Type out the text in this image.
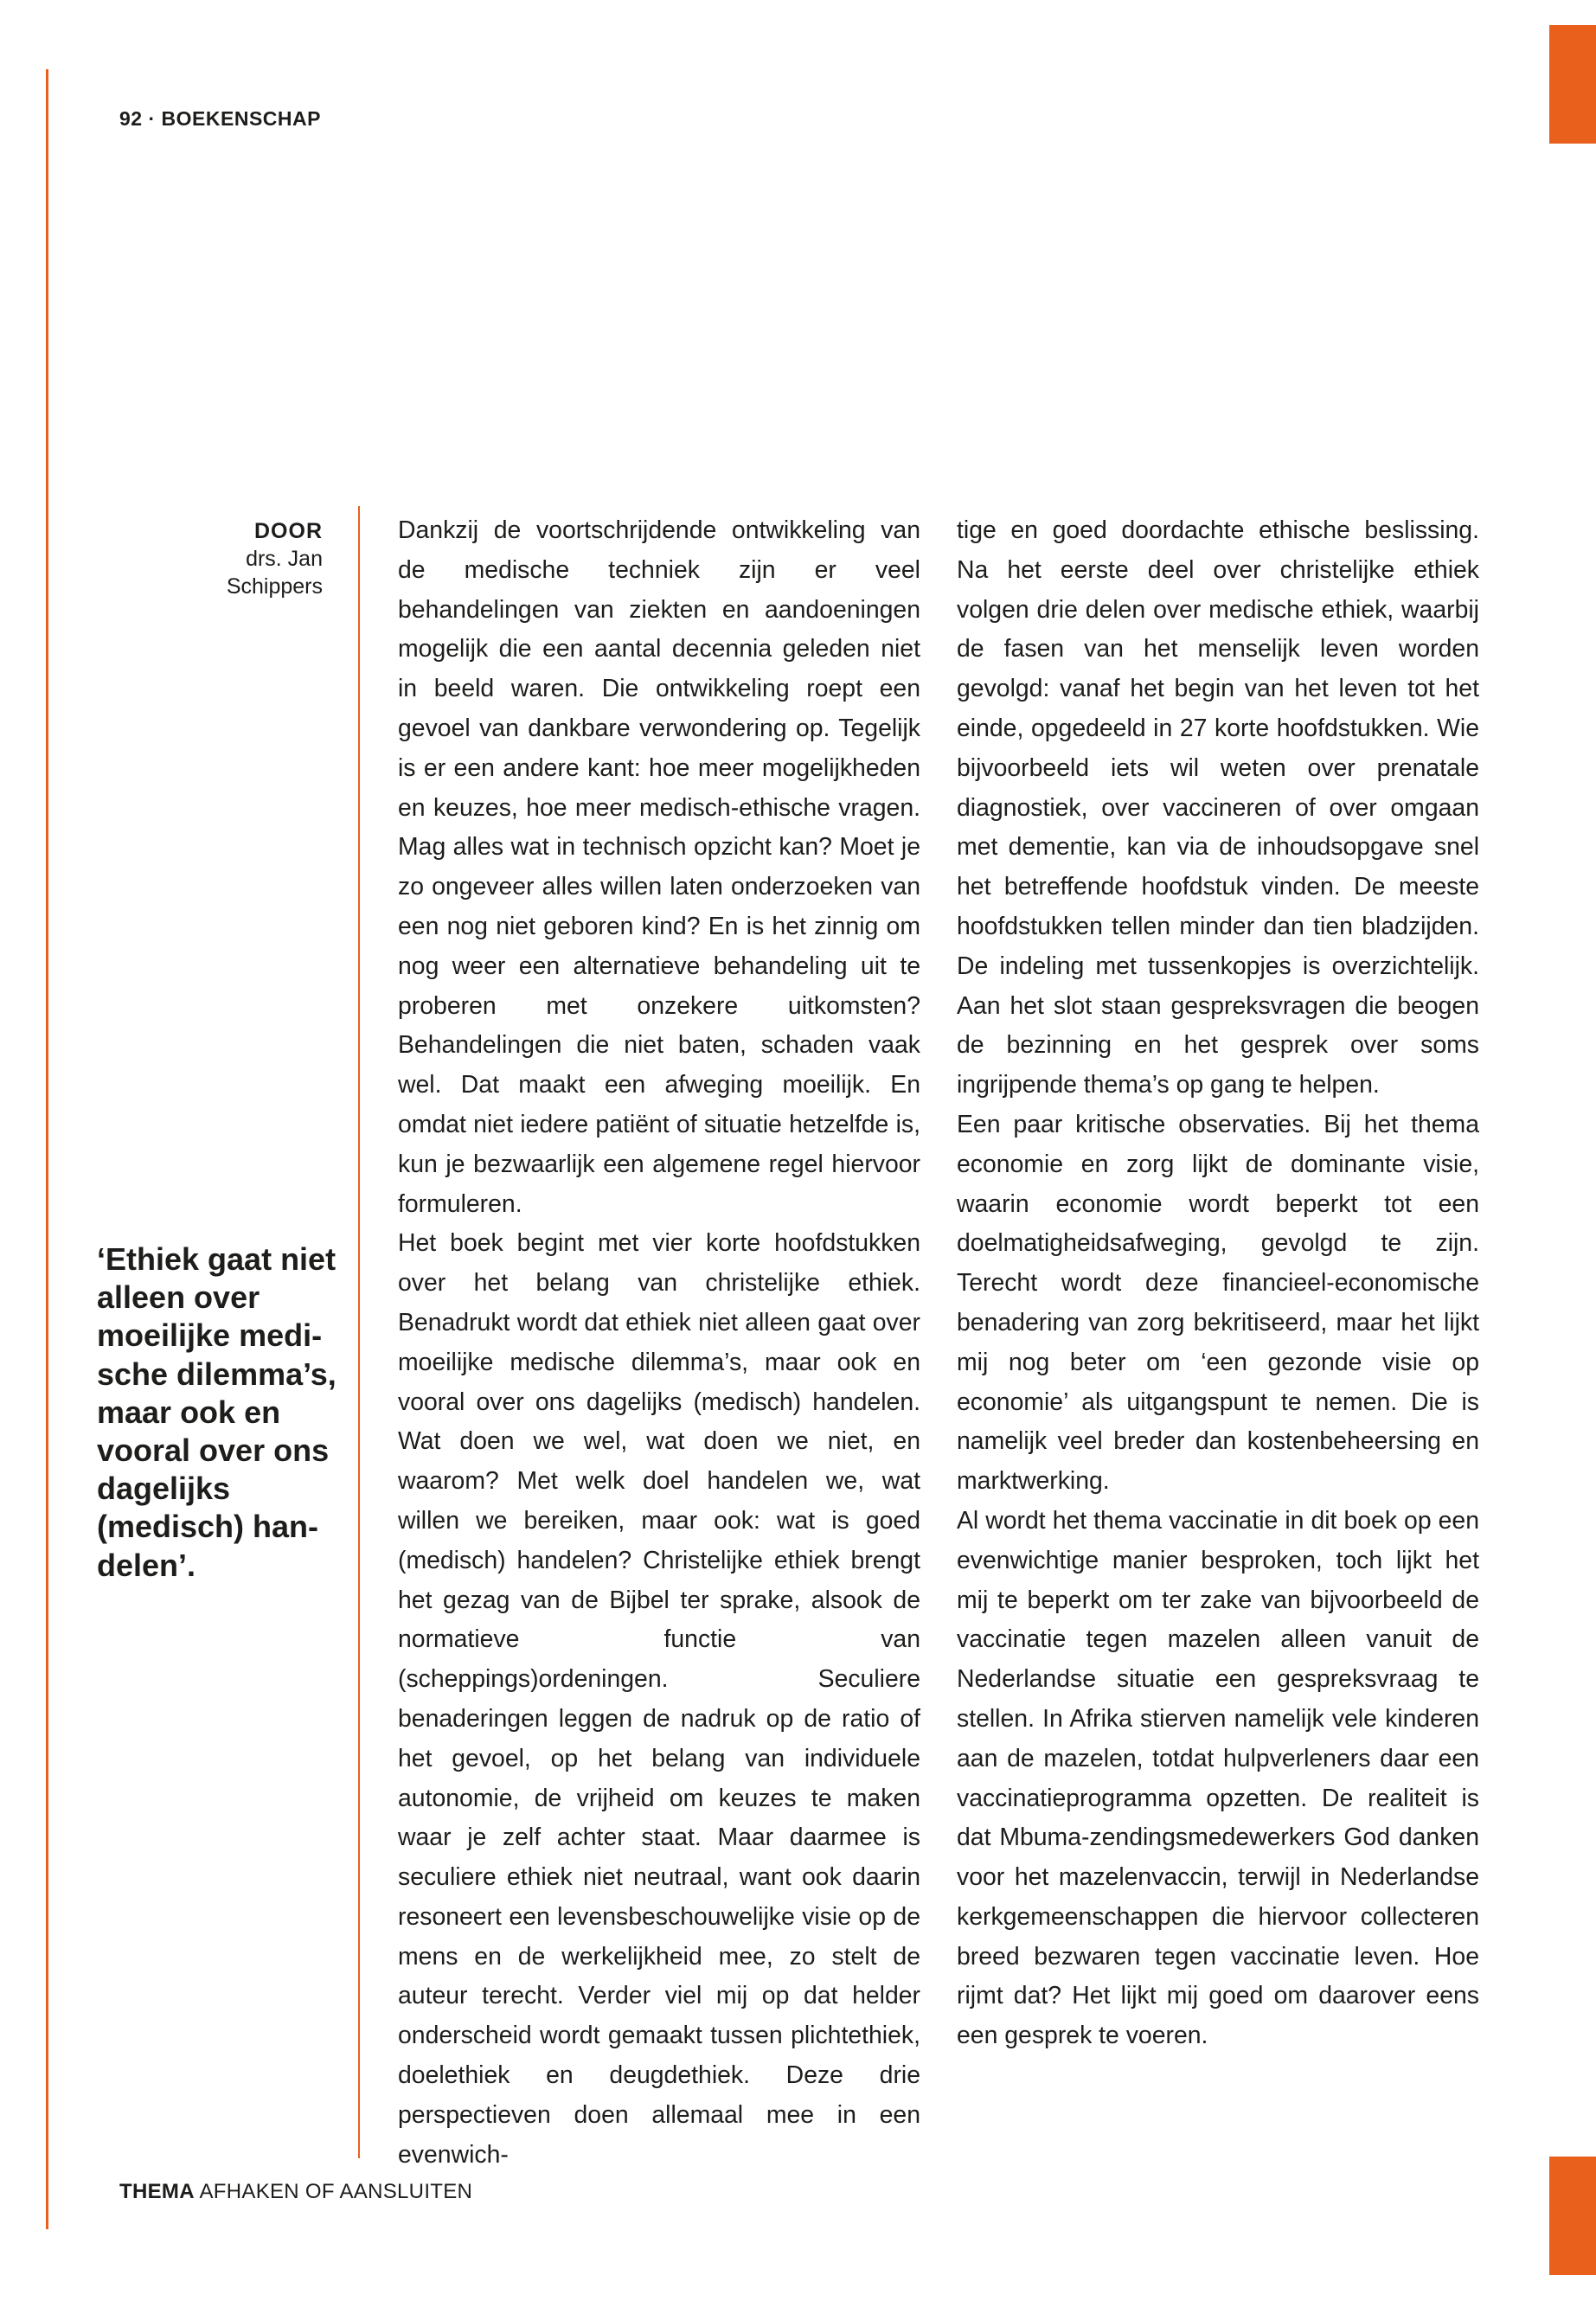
92 · BOEKENSCHAP
DOOR
drs. Jan
Schippers
‘Ethiek gaat niet alleen over moeilijke medi-sche dilemma’s, maar ook en vooral over ons dagelijks (medisch) han-delen’.

Dankzij de voortschrijdende ontwikkeling van de medische techniek zijn er veel behandelingen van ziekten en aandoeningen mogelijk die een aantal decennia geleden niet in beeld waren. Die ontwikkeling roept een gevoel van dankbare verwondering op. Tegelijk is er een andere kant: hoe meer mogelijkheden en keuzes, hoe meer medisch-ethische vragen. Mag alles wat in technisch opzicht kan? Moet je zo ongeveer alles willen laten onderzoeken van een nog niet geboren kind? En is het zinnig om nog weer een alternatieve behandeling uit te proberen met onzekere uitkomsten? Behandelingen die niet baten, schaden vaak wel. Dat maakt een afweging moeilijk. En omdat niet iedere patiënt of situatie hetzelfde is, kun je bezwaarlijk een algemene regel hiervoor formuleren.

Het boek begint met vier korte hoofdstukken over het belang van christelijke ethiek. Benadrukt wordt dat ethiek niet alleen gaat over moeilijke medische dilemma’s, maar ook en vooral over ons dagelijks (medisch) handelen. Wat doen we wel, wat doen we niet, en waarom? Met welk doel handelen we, wat willen we bereiken, maar ook: wat is goed (medisch) handelen? Christelijke ethiek brengt het gezag van de Bijbel ter sprake, alsook de normatieve functie van (scheppings)ordeningen. Seculiere benaderingen leggen de nadruk op de ratio of het gevoel, op het belang van individuele autonomie, de vrijheid om keuzes te maken waar je zelf achter staat. Maar daarmee is seculiere ethiek niet neutraal, want ook daarin resoneert een levensbeschouwelijke visie op de mens en de werkelijkheid mee, zo stelt de auteur terecht. Verder viel mij op dat helder onderscheid wordt gemaakt tussen plichtethiek, doelethiek en deugdethiek. Deze drie perspectieven doen allemaal mee in een evenwich-

tige en goed doordachte ethische beslissing. Na het eerste deel over christelijke ethiek volgen drie delen over medische ethiek, waarbij de fasen van het menselijk leven worden gevolgd: vanaf het begin van het leven tot het einde, opgedeeld in 27 korte hoofdstukken. Wie bijvoorbeeld iets wil weten over prenatale diagnostiek, over vaccineren of over omgaan met dementie, kan via de inhoudsopgave snel het betreffende hoofdstuk vinden. De meeste hoofdstukken tellen minder dan tien bladzijden. De indeling met tussenkopjes is overzichtelijk. Aan het slot staan gespreksvragen die beogen de bezinning en het gesprek over soms ingrijpende thema’s op gang te helpen.

Een paar kritische observaties. Bij het thema economie en zorg lijkt de dominante visie, waarin economie wordt beperkt tot een doelmatigheidsafweging, gevolgd te zijn. Terecht wordt deze financieel-economische benadering van zorg bekritiseerd, maar het lijkt mij nog beter om ‘een gezonde visie op economie’ als uitgangspunt te nemen. Die is namelijk veel breder dan kostenbeheersing en marktwerking.

Al wordt het thema vaccinatie in dit boek op een evenwichtige manier besproken, toch lijkt het mij te beperkt om ter zake van bijvoorbeeld de vaccinatie tegen mazelen alleen vanuit de Nederlandse situatie een gespreksvraag te stellen. In Afrika stierven namelijk vele kinderen aan de mazelen, totdat hulpverleners daar een vaccinatieprogramma opzetten. De realiteit is dat Mbuma-zendingsmedewerkers God danken voor het mazelenvaccin, terwijl in Nederlandse kerkgemeenschappen die hiervoor collecteren breed bezwaren tegen vaccinatie leven. Hoe rijmt dat? Het lijkt mij goed om daarover eens een gesprek te voeren.

THEMA AFHAKEN OF AANSLUITEN
